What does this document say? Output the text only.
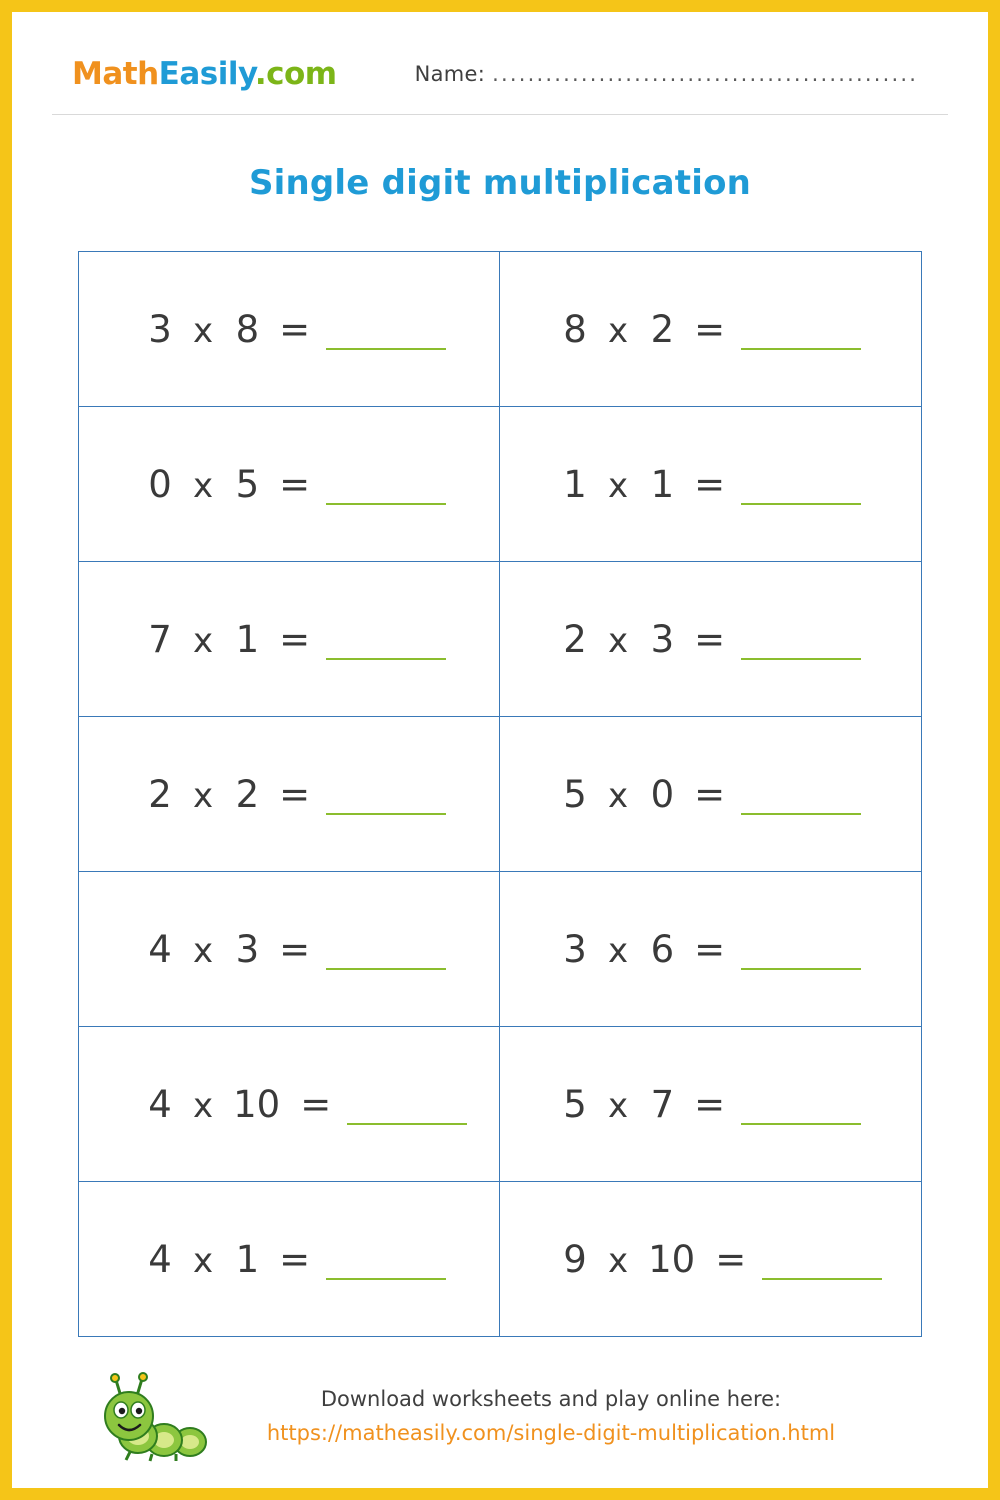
MathEasily.com	Name: ................................................
Single digit multiplication
3 x 8 =	8 x 2 =
0 x 5 =	1 x 1 =
7 x 1 =	2 x 3 =
2 x 2 =	5 x 0 =
4 x 3 =	3 x 6 =
4 x 10 =	5 x 7 =
4 x 1 =	9 x 10 =
Download worksheets and play online here:
https://matheasily.com/single-digit-multiplication.html
